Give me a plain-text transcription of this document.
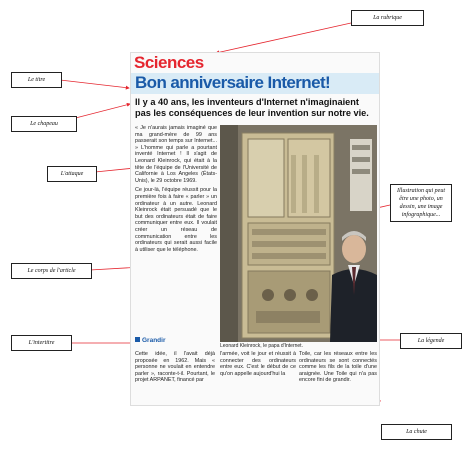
La rubrique
Le titre
Le chapeau
L'attaque
Le corps de l'article
L'intertitre
Illustration qui peut être une photo, un dessin, une image infographique...
La légende
La chute
Sciences
Bon anniversaire Internet!
Il y a 40 ans, les inventeurs d'Internet n'imaginaient pas les conséquences de leur invention sur notre vie.

« Je n'aurais jamais imaginé que ma grand-mère de 99 ans passerait son temps sur Internet... » L'homme qui parle a pourtant inventé Internet ! Il s'agit de Leonard Kleinrock, qui était à la tête de l'équipe de l'Université de Californie à Los Angeles (États-Unis), le 29 octobre 1969.

Ce jour-là, l'équipe réussit pour la première fois à faire « parler » un ordinateur à un autre. Leonard Kleinrock était persuadé que le but des ordinateurs était de faire communiquer entre eux. Il voulait créer un réseau de communication entre les ordinateurs qui serait aussi facile à utiliser que le téléphone.

Leonard Kleinrock, le papa d'Internet.
Grandir
Cette idée, il l'avait déjà proposée en 1962. Mais « personne ne voulait en entendre parler », raconte-t-il. Pourtant, le projet ARPANET, financé par
l'armée, voit le jour et réussit à connecter des ordinateurs entre eux. C'est le début de ce qu'on appelle aujourd'hui la
Toile, car les réseaux entre les ordinateurs se sont connectés comme les fils de la toile d'une araignée. Une Toile qui n'a pas encore fini de grandir.
